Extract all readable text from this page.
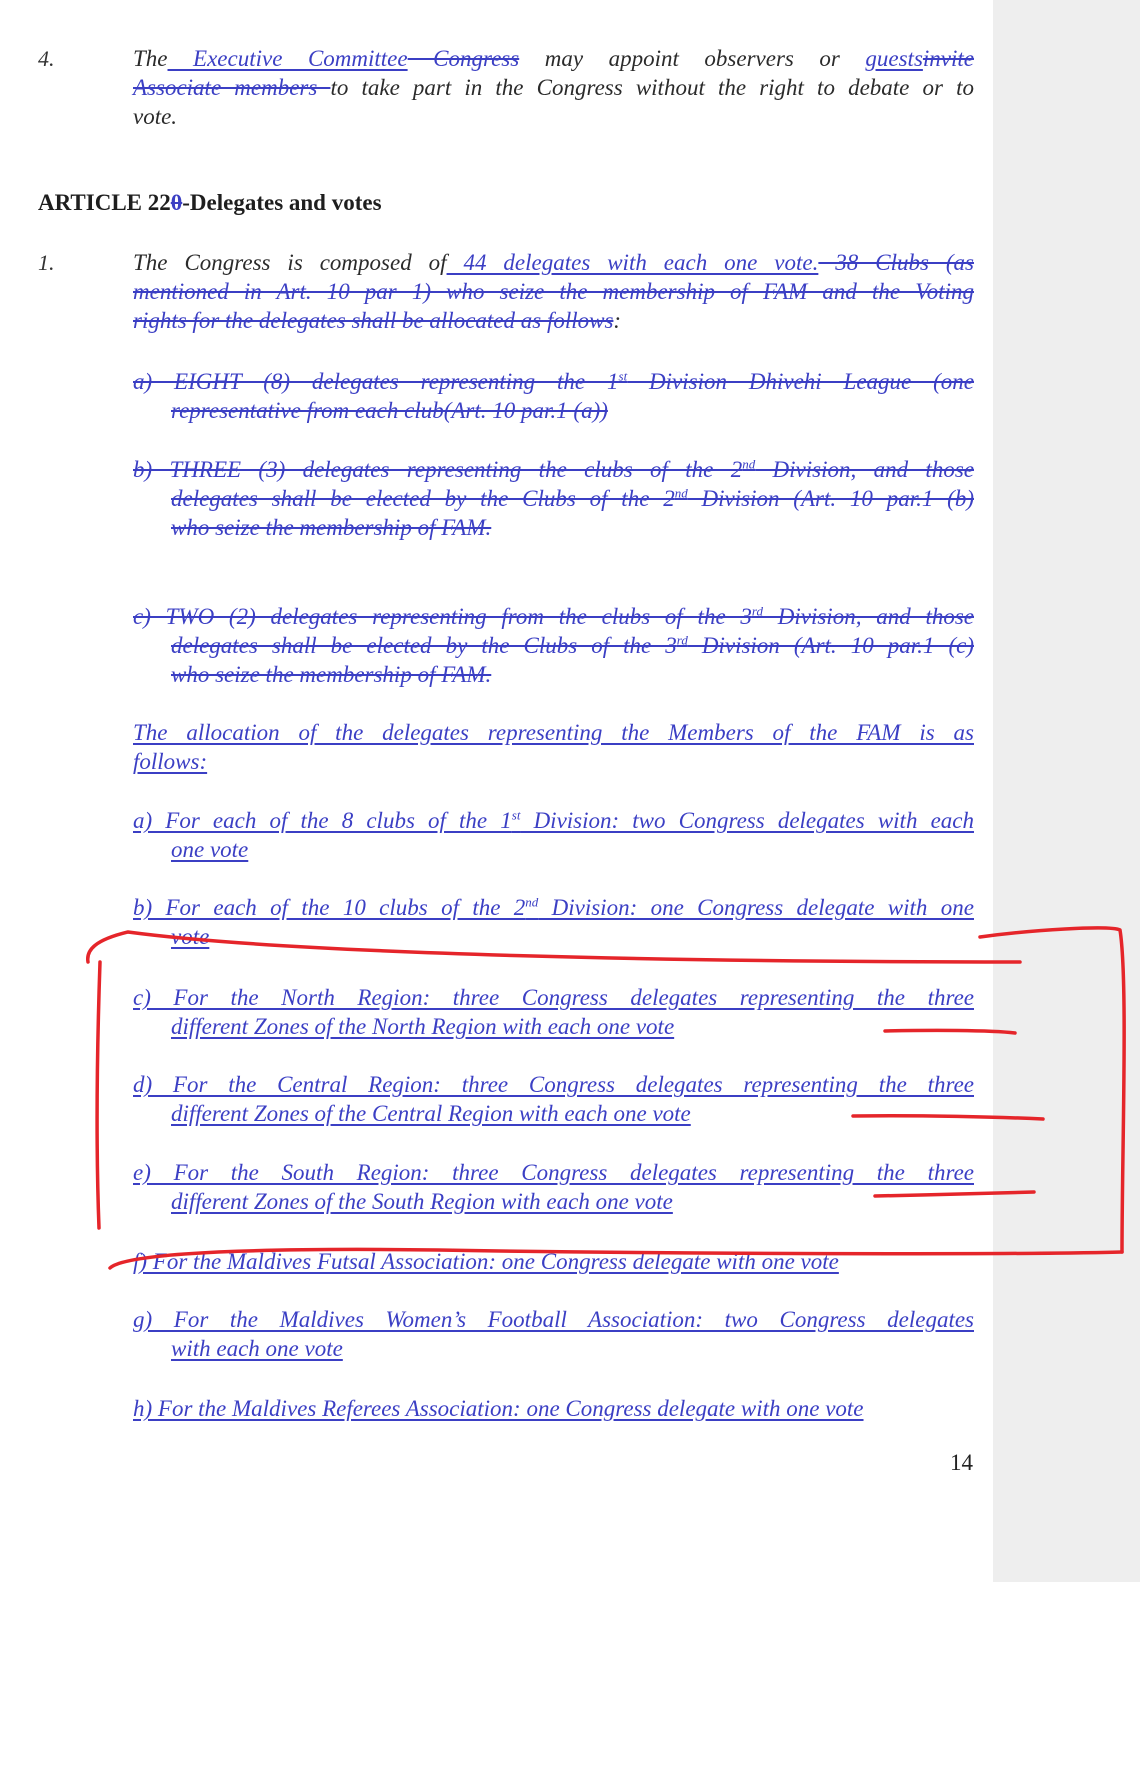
4.	The Executive Committee Congress may appoint observers or guestsinvite
Associate members to take part in the Congress without the right to debate or to
vote.
ARTICLE 220-Delegates and votes
1.	The Congress is composed of 44 delegates with each one vote. 38 Clubs (as
mentioned in Art. 10 par 1) who seize the membership of FAM and the Voting
rights for the delegates shall be allocated as follows:
a) EIGHT (8) delegates representing the 1st Division Dhivehi League (one
representative from each club(Art. 10 par.1 (a))
b) THREE (3) delegates representing the clubs of the 2nd Division, and those
delegates shall be elected by the Clubs of the 2nd Division (Art. 10 par.1 (b)
who seize the membership of FAM.
c) TWO (2) delegates representing from the clubs of the 3rd Division, and those
delegates shall be elected by the Clubs of the 3rd Division (Art. 10 par.1 (c)
who seize the membership of FAM.
The allocation of the delegates representing the Members of the FAM is as
follows:
a) For each of the 8 clubs of the 1st Division: two Congress delegates with each
one vote
b) For each of the 10 clubs of the 2nd Division: one Congress delegate with one
vote
c) For the North Region: three Congress delegates representing the three
different Zones of the North Region with each one vote
d) For the Central Region: three Congress delegates representing the three
different Zones of the Central Region with each one vote
e) For the South Region: three Congress delegates representing the three
different Zones of the South Region with each one vote
f) For the Maldives Futsal Association: one Congress delegate with one vote
g) For the Maldives Women’s Football Association: two Congress delegates
with each one vote
h) For the Maldives Referees Association: one Congress delegate with one vote
14
